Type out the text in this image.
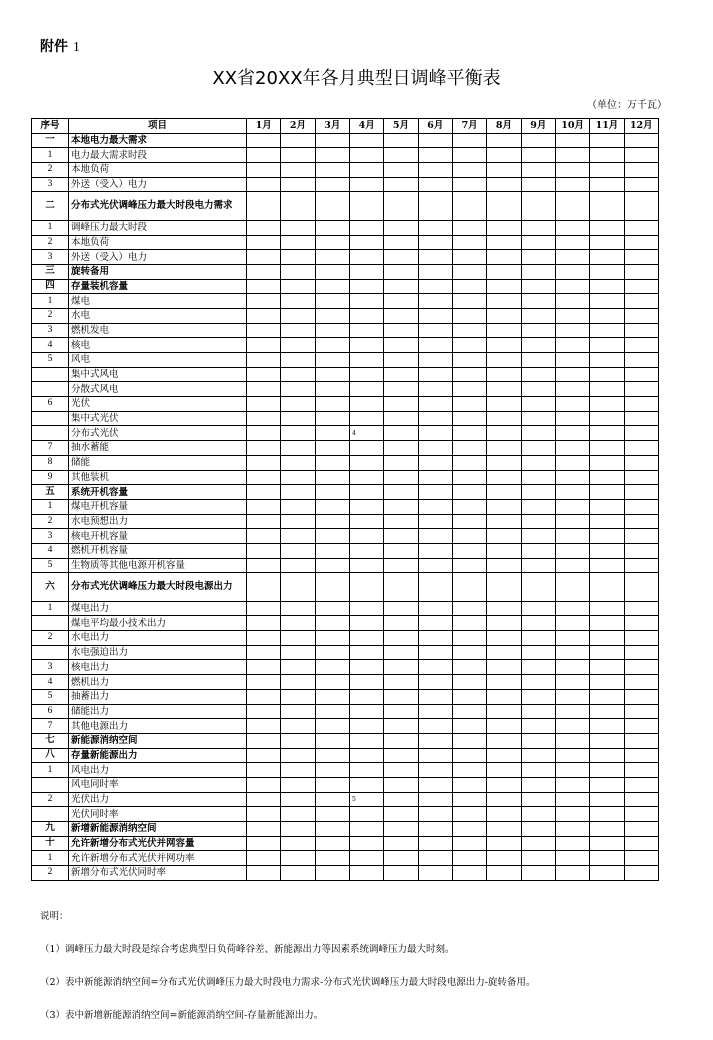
附件 1
XX省20XX年各月典型日调峰平衡表
（单位：万千瓦）
序号	项目	1月	2月	3月	4月	5月	6月	7月	8月	9月	10月	11月	12月
一	本地电力最大需求												
1	电力最大需求时段												
2	本地负荷												
3	外送（受入）电力												
二	分布式光伏调峰压力最大时段电力需求												
1	调峰压力最大时段												
2	本地负荷												
3	外送（受入）电力												
三	旋转备用												
四	存量装机容量												
1	煤电												
2	水电												
3	燃机发电												
4	核电												
5	风电												
	集中式风电												
	分散式风电												
6	光伏												
	集中式光伏												
	分布式光伏				4								
7	抽水蓄能												
8	储能												
9	其他装机												
五	系统开机容量												
1	煤电开机容量												
2	水电预想出力												
3	核电开机容量												
4	燃机开机容量												
5	生物质等其他电源开机容量												
六	分布式光伏调峰压力最大时段电源出力												
1	煤电出力												
	煤电平均最小技术出力												
2	水电出力												
	水电强迫出力												
3	核电出力												
4	燃机出力												
5	抽蓄出力												
6	储能出力												
7	其他电源出力												
七	新能源消纳空间												
八	存量新能源出力												
1	风电出力												
	风电同时率												
2	光伏出力				5								
	光伏同时率												
九	新增新能源消纳空间												
十	允许新增分布式光伏并网容量												
1	允许新增分布式光伏并网功率												
2	新增分布式光伏同时率												
说明：
（1）调峰压力最大时段是综合考虑典型日负荷峰谷差、新能源出力等因素系统调峰压力最大时刻。
（2）表中新能源消纳空间=分布式光伏调峰压力最大时段电力需求-分布式光伏调峰压力最大时段电源出力-旋转备用。
（3）表中新增新能源消纳空间=新能源消纳空间-存量新能源出力。
